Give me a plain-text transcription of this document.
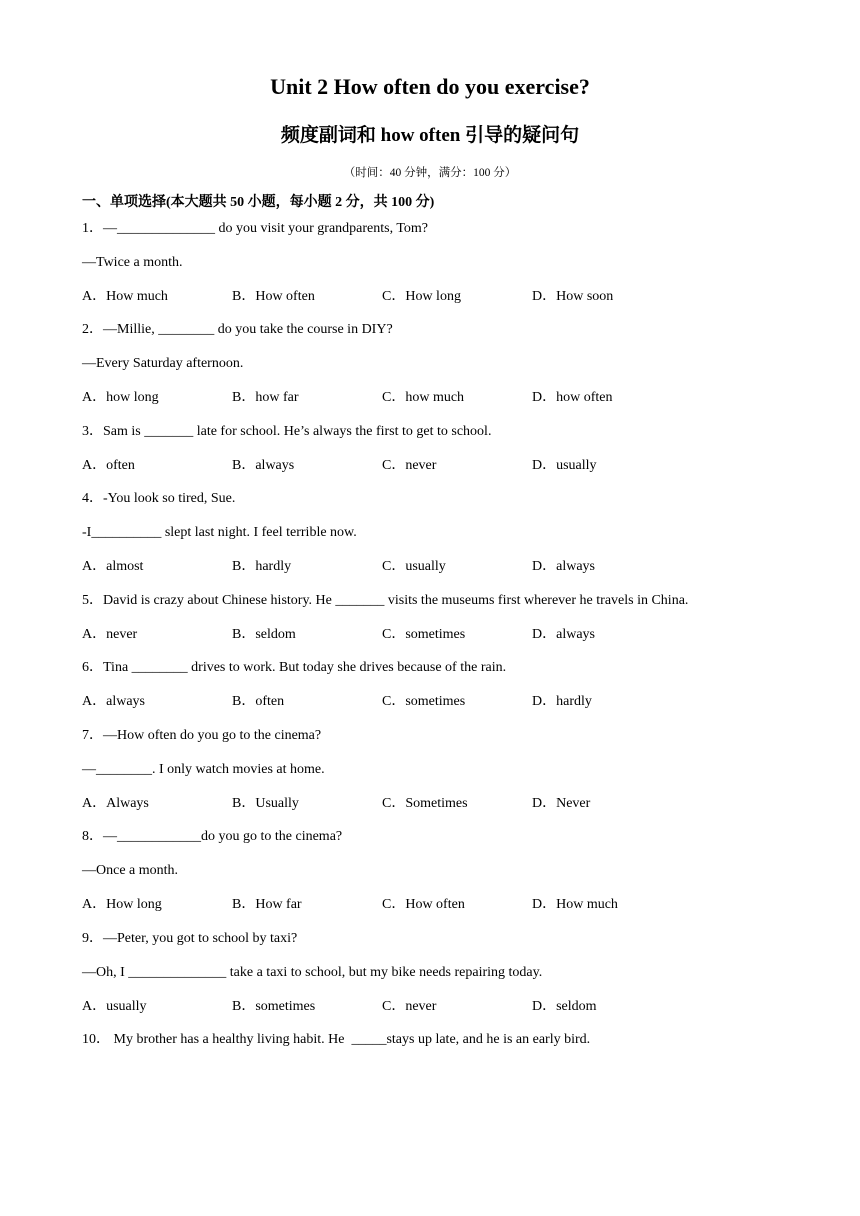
Unit 2 How often do you exercise?
频度副词和 how often 引导的疑问句
（时间：40 分钟，满分：100 分）
一、单项选择(本大题共 50 小题，每小题 2 分，共 100 分)
1．—______________ do you visit your grandparents, Tom?
—Twice a month.
A．How much	B．How often	C．How long	D．How soon
2．—Millie, ________ do you take the course in DIY?
—Every Saturday afternoon.
A．how long	B．how far	C．how much	D．how often
3．Sam is _______ late for school. He’s always the first to get to school.
A．often	B．always	C．never	D．usually
4．-You look so tired, Sue.
-I__________ slept last night. I feel terrible now.
A．almost	B．hardly	C．usually	D．always
5．David is crazy about Chinese history. He _______ visits the museums first wherever he travels in China.
A．never	B．seldom	C．sometimes	D．always
6．Tina ________ drives to work. But today she drives because of the rain.
A．always	B．often	C．sometimes	D．hardly
7．—How often do you go to the cinema?
—________. I only watch movies at home.
A．Always	B．Usually	C．Sometimes	D．Never
8．—____________do you go to the cinema?
—Once a month.
A．How long	B．How far	C．How often	D．How much
9．—Peter, you got to school by taxi?
—Oh, I ______________ take a taxi to school, but my bike needs repairing today.
A．usually	B．sometimes	C．never	D．seldom
10． My brother has a healthy living habit. He  _____stays up late, and he is an early bird.
